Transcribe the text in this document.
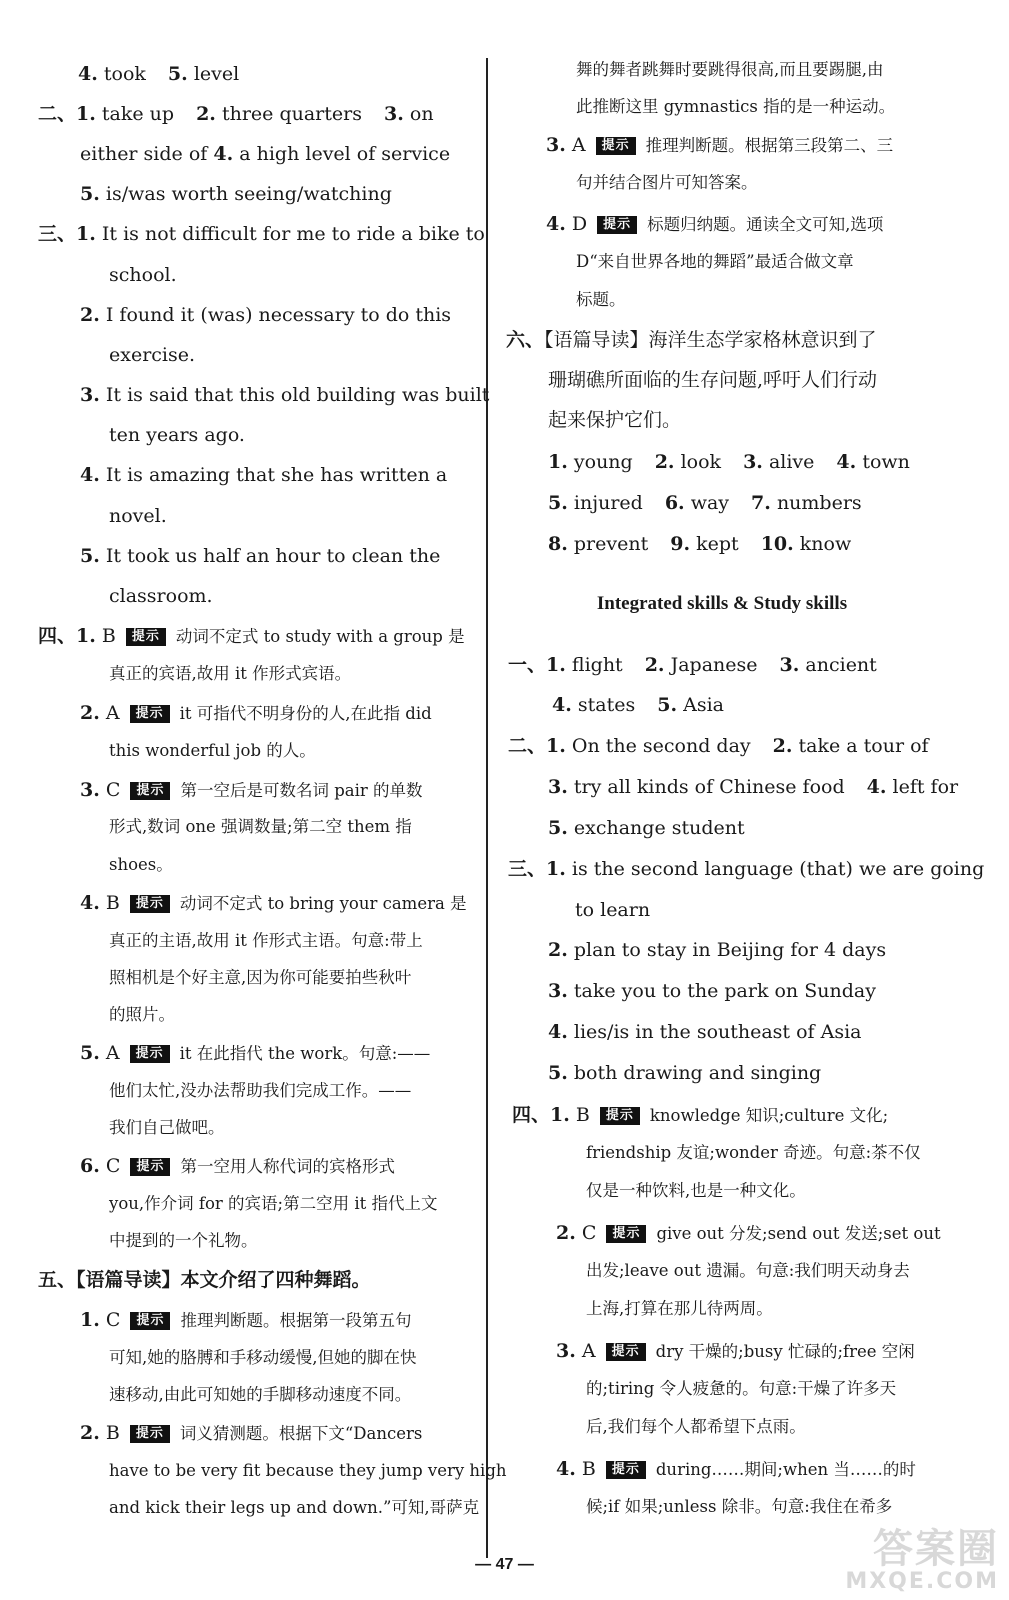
4. took 5. level
二、1. take up 2. three quarters 3. on
either side of 4. a high level of service
5. is/was worth seeing/watching
三、1. It is not difficult for me to ride a bike to
school.
2. I found it (was) necessary to do this
exercise.
3. It is said that this old building was built
ten years ago.
4. It is amazing that she has written a
novel.
5. It took us half an hour to clean the
classroom.
四、1. B 提示 动词不定式 to study with a group 是
真正的宾语,故用 it 作形式宾语。
2. A 提示 it 可指代不明身份的人,在此指 did
this wonderful job 的人。
3. C 提示 第一空后是可数名词 pair 的单数
形式,数词 one 强调数量;第二空 them 指
shoes。
4. B 提示 动词不定式 to bring your camera 是
真正的主语,故用 it 作形式主语。句意:带上
照相机是个好主意,因为你可能要拍些秋叶
的照片。
5. A 提示 it 在此指代 the work。句意:——
他们太忙,没办法帮助我们完成工作。——
我们自己做吧。
6. C 提示 第一空用人称代词的宾格形式
you,作介词 for 的宾语;第二空用 it 指代上文
中提到的一个礼物。
五、【语篇导读】本文介绍了四种舞蹈。
1. C 提示 推理判断题。根据第一段第五句
可知,她的胳膊和手移动缓慢,但她的脚在快
速移动,由此可知她的手脚移动速度不同。
2. B 提示 词义猜测题。根据下文“Dancers
have to be very fit because they jump very high
and kick their legs up and down.”可知,哥萨克
舞的舞者跳舞时要跳得很高,而且要踢腿,由
此推断这里 gymnastics 指的是一种运动。
3. A 提示 推理判断题。根据第三段第二、三
句并结合图片可知答案。
4. D 提示 标题归纳题。通读全文可知,选项
D“来自世界各地的舞蹈”最适合做文章
标题。
六、【语篇导读】海洋生态学家格林意识到了
珊瑚礁所面临的生存问题,呼吁人们行动
起来保护它们。
1. young 2. look 3. alive 4. town
5. injured 6. way 7. numbers
8. prevent 9. kept 10. know
Integrated skills & Study skills
一、1. flight 2. Japanese 3. ancient
4. states 5. Asia
二、1. On the second day 2. take a tour of
3. try all kinds of Chinese food 4. left for
5. exchange student
三、1. is the second language (that) we are going
to learn
2. plan to stay in Beijing for 4 days
3. take you to the park on Sunday
4. lies/is in the southeast of Asia
5. both drawing and singing
四、1. B 提示 knowledge 知识;culture 文化;
friendship 友谊;wonder 奇迹。句意:茶不仅
仅是一种饮料,也是一种文化。
2. C 提示 give out 分发;send out 发送;set out
出发;leave out 遗漏。句意:我们明天动身去
上海,打算在那儿待两周。
3. A 提示 dry 干燥的;busy 忙碌的;free 空闲
的;tiring 令人疲惫的。句意:干燥了许多天
后,我们每个人都希望下点雨。
4. B 提示 during……期间;when 当……的时
候;if 如果;unless 除非。句意:我住在希多
— 47 —	答案圈
MXQE.COM
